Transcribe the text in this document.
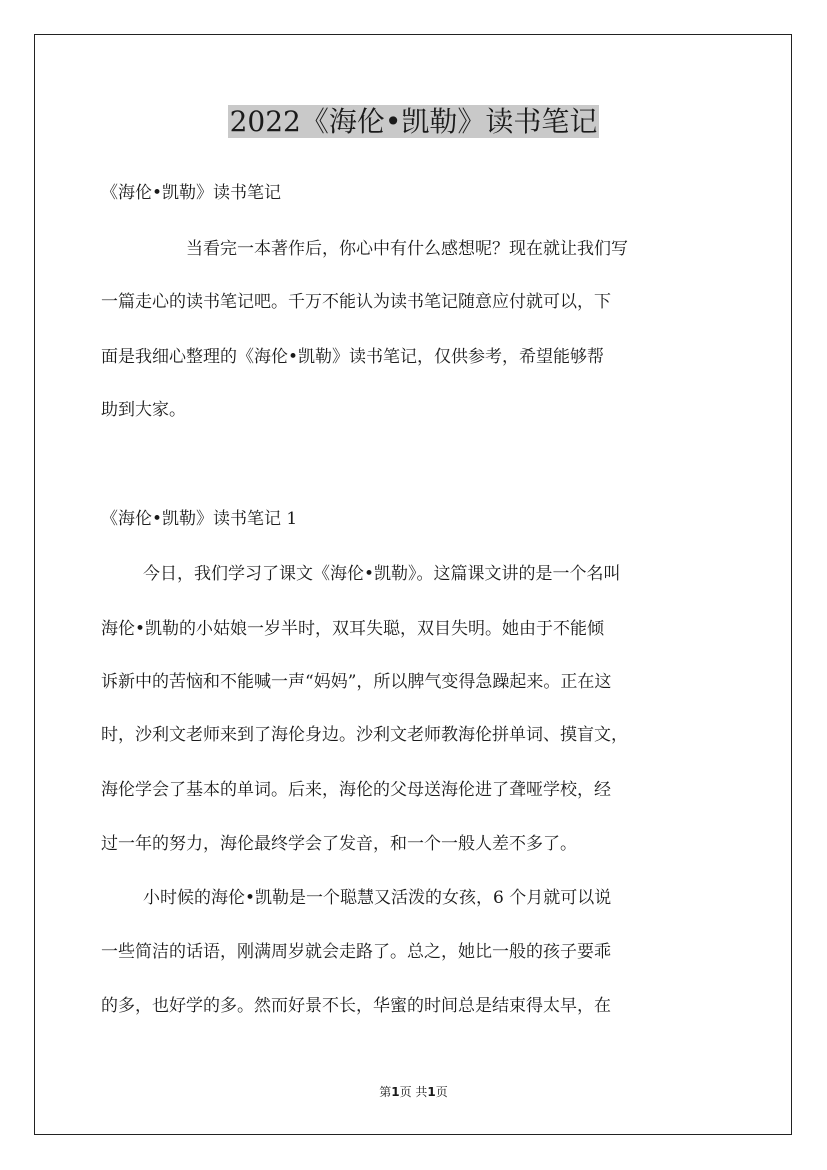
2022《海伦•凯勒》读书笔记
《海伦•凯勒》读书笔记
当看完一本著作后，你心中有什么感想呢？现在就让我们写
一篇走心的读书笔记吧。千万不能认为读书笔记随意应付就可以，下
面是我细心整理的《海伦•凯勒》读书笔记，仅供参考，希望能够帮
助到大家。
《海伦•凯勒》读书笔记 1
今日，我们学习了课文《海伦•凯勒》。这篇课文讲的是一个名叫
海伦•凯勒的小姑娘一岁半时，双耳失聪，双目失明。她由于不能倾
诉新中的苦恼和不能喊一声“妈妈”，所以脾气变得急躁起来。正在这
时，沙利文老师来到了海伦身边。沙利文老师教海伦拼单词、摸盲文，
海伦学会了基本的单词。后来，海伦的父母送海伦进了聋哑学校，经
过一年的努力，海伦最终学会了发音，和一个一般人差不多了。
小时候的海伦•凯勒是一个聪慧又活泼的女孩，6 个月就可以说
一些简洁的话语，刚满周岁就会走路了。总之，她比一般的孩子要乖
的多，也好学的多。然而好景不长，华蜜的时间总是结束得太早，在
第1页 共1页
